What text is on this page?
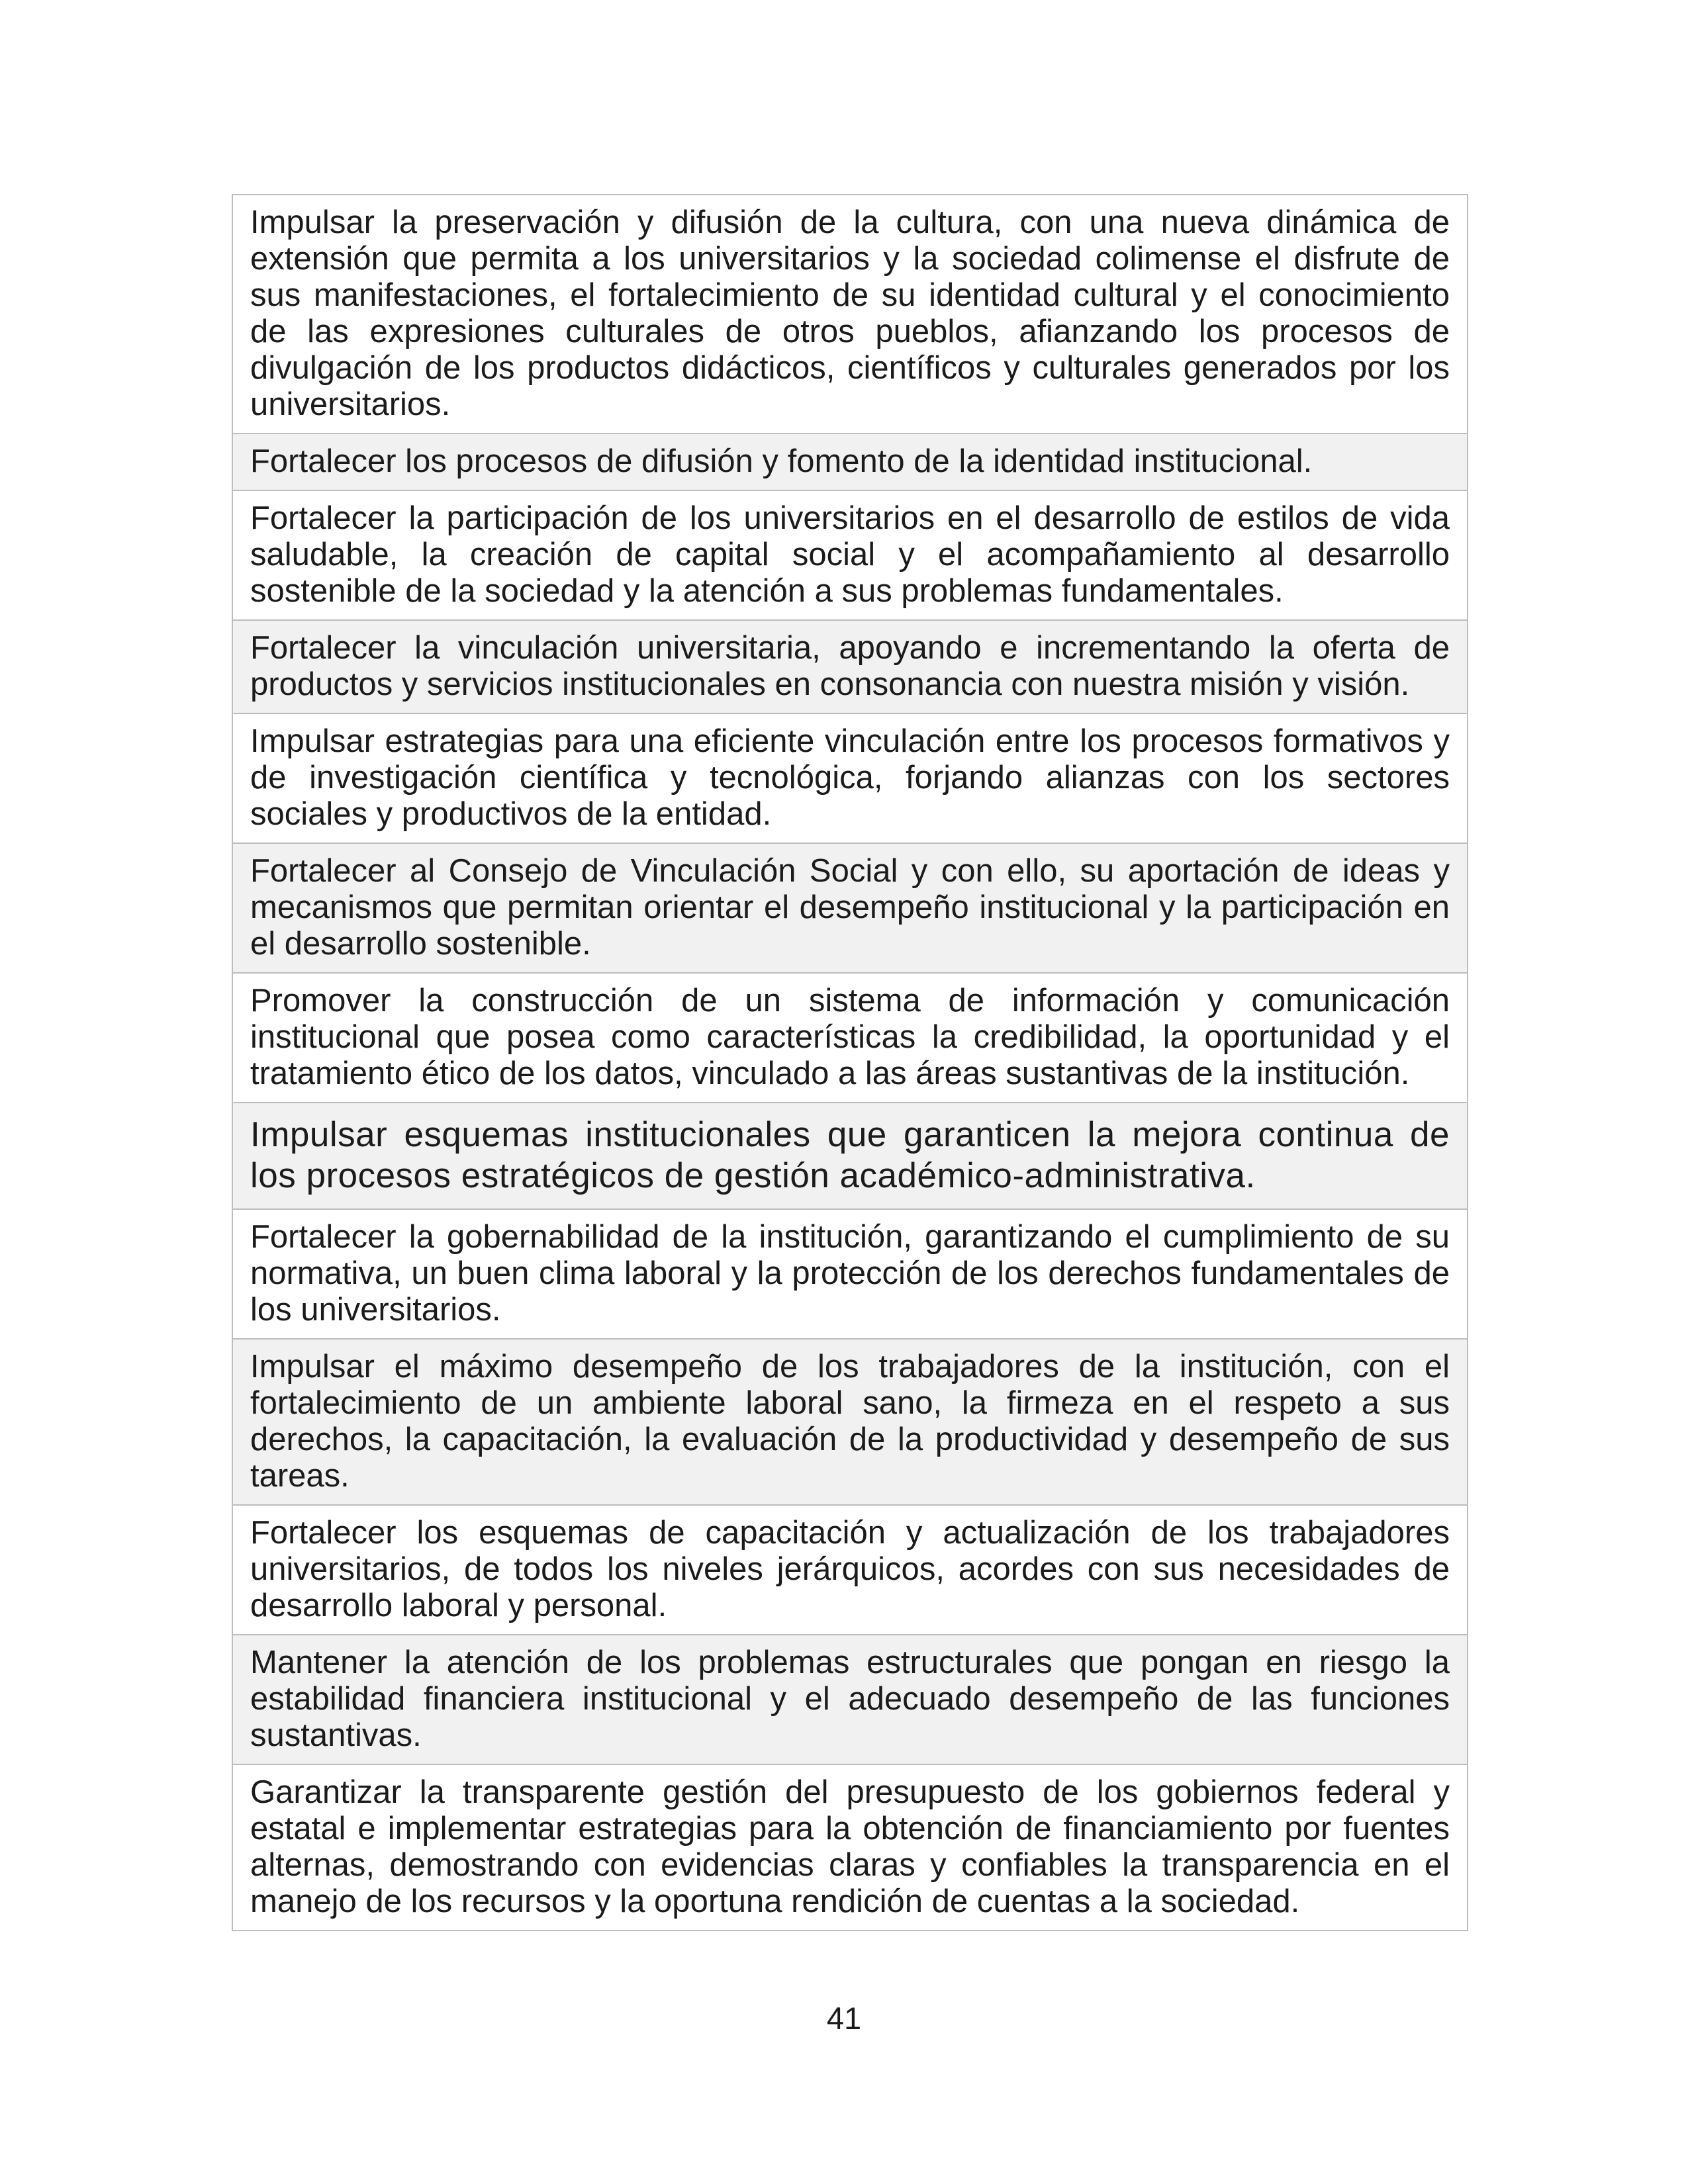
Impulsar la preservación y difusión de la cultura, con una nueva dinámica de extensión que permita a los universitarios y la sociedad colimense el disfrute de sus manifestaciones, el fortalecimiento de su identidad cultural y el conocimiento de las expresiones culturales de otros pueblos, afianzando los procesos de divulgación de los productos didácticos, científicos y culturales generados por los universitarios.
Fortalecer los procesos de difusión y fomento de la identidad institucional.
Fortalecer la participación de los universitarios en el desarrollo de estilos de vida saludable, la creación de capital social y el acompañamiento al desarrollo sostenible de la sociedad y la atención a sus problemas fundamentales.
Fortalecer la vinculación universitaria, apoyando e incrementando la oferta de productos y servicios institucionales en consonancia con nuestra misión y visión.
Impulsar estrategias para una eficiente vinculación entre los procesos formativos y de investigación científica y tecnológica, forjando alianzas con los sectores sociales y productivos de la entidad.
Fortalecer al Consejo de Vinculación Social y con ello, su aportación de ideas y mecanismos que permitan orientar el desempeño institucional y la participación en el desarrollo sostenible.
Promover la construcción de un sistema de información y comunicación institucional que posea como características la credibilidad, la oportunidad y el tratamiento ético de los datos, vinculado a las áreas sustantivas de la institución.
Impulsar esquemas institucionales que garanticen la mejora continua de los procesos estratégicos de gestión académico-administrativa.
Fortalecer la gobernabilidad de la institución, garantizando el cumplimiento de su normativa, un buen clima laboral y la protección de los derechos fundamentales de los universitarios.
Impulsar el máximo desempeño de los trabajadores de la institución, con el fortalecimiento de un ambiente laboral sano, la firmeza en el respeto a sus derechos, la capacitación, la evaluación de la productividad y desempeño de sus tareas.
Fortalecer los esquemas de capacitación y actualización de los trabajadores universitarios, de todos los niveles jerárquicos, acordes con sus necesidades de desarrollo laboral y personal.
Mantener la atención de los problemas estructurales que pongan en riesgo la estabilidad financiera institucional y el adecuado desempeño de las funciones sustantivas.
Garantizar la transparente gestión del presupuesto de los gobiernos federal y estatal e implementar estrategias para la obtención de financiamiento por fuentes alternas, demostrando con evidencias claras y confiables la transparencia en el manejo de los recursos y la oportuna rendición de cuentas a la sociedad.
41
